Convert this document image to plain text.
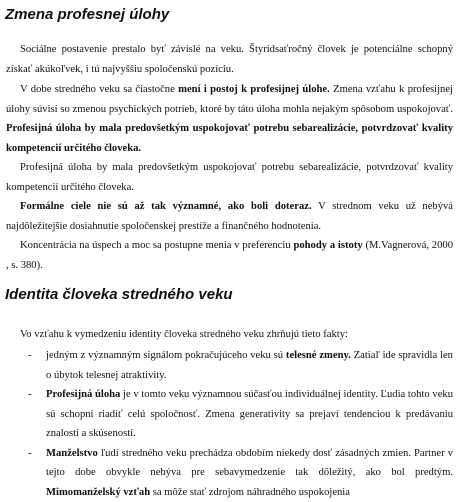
Zmena profesnej úlohy

Sociálne postavenie prestalo byť závislé na veku. Štyridsaťročný človek je potenciálne schopný získať akúkoľvek, i tú najvyššiu spoločenskú pozíciu.

V dobe stredného veku sa čiastočne mení i postoj k profesijnej úlohe. Zmena vzťahu k profesijnej úlohy súvisí so zmenou psychických potrieb, ktoré by táto úloha mohla nejakým spôsobom uspokojovať. Profesijná úloha by mala predovšetkým uspokojovať potrebu sebarealizácie, potvrdzovať kvality kompetencií určitého človeka.

Profesijná úloha by mala predovšetkým uspokojovať potrebu sebarealizácie, potvrdzovať kvality kompetencií určitého človeka.

Formálne ciele nie sú až tak významné, ako boli doteraz. V strednom veku už nebývá najdôležitejšie dosiahnutie spoločenskej prestíže a finančného hodnotenia.

Koncentrácia na úspech a moc sa postupne menia v preferenciu pohody a istoty (M.Vagnerová, 2000 , s. 380).

Identita človeka stredného veku

Vo vzťahu k vymedzeniu identity človeka stredného veku zhrňujú tieto fakty:

- jedným z významným signálom pokračujúceho veku sú telesné zmeny. Zatiaľ ide spravidla len o úbytok telesnej atraktivity.
- Profesijná úloha je v tomto veku významnou súčasťou individuálnej identity. Ľudia tohto veku sú schopní riadiť celú spoločnosť. Zmena generativity sa prejaví tendenciou k predávaniu znalostí a skúseností.
- Manželstvo ľudí stredného veku prechádza obdobím niekedy dosť zásadných zmien. Partner v tejto dobe obvykle nebýva pre sebavymedzenie tak dôležitý, ako bol predtým. Mimomanželský vzťah sa môže stať zdrojom náhradného uspokojenia
